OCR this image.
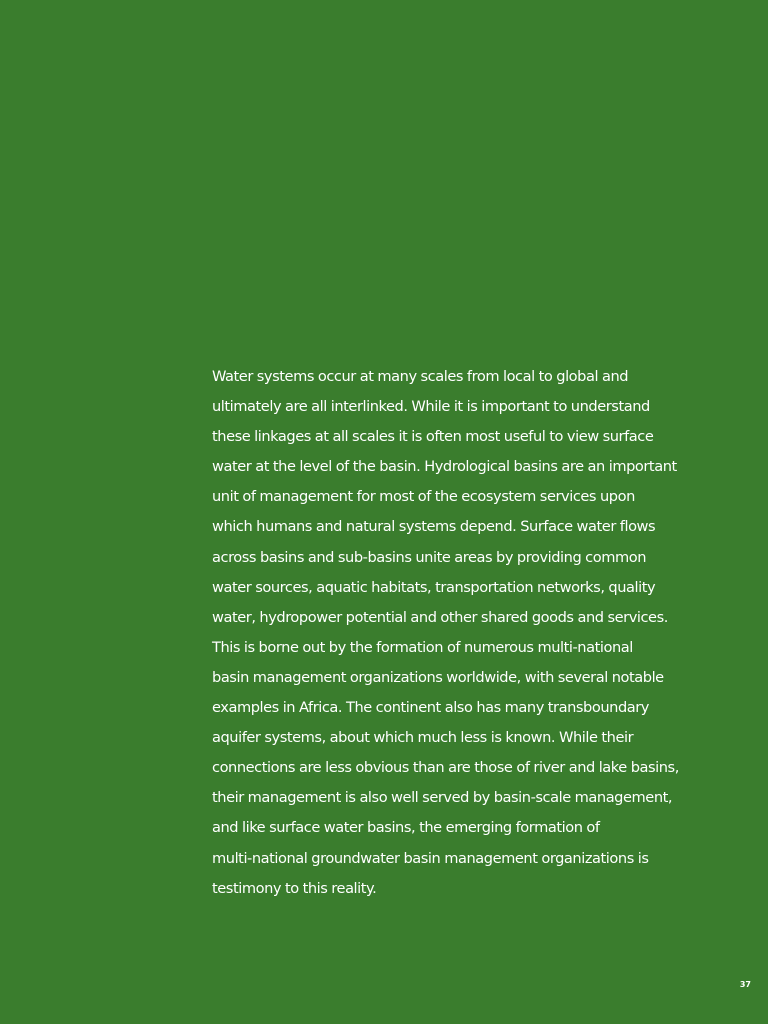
Water systems occur at many scales from local to global and
ultimately are all interlinked. While it is important to understand
these linkages at all scales it is often most useful to view surface
water at the level of the basin. Hydrological basins are an important
unit of management for most of the ecosystem services upon
which humans and natural systems depend. Surface water flows
across basins and sub-basins unite areas by providing common
water sources, aquatic habitats, transportation networks, quality
water, hydropower potential and other shared goods and services.
This is borne out by the formation of numerous multi-national
basin management organizations worldwide, with several notable
examples in Africa. The continent also has many transboundary
aquifer systems, about which much less is known. While their
connections are less obvious than are those of river and lake basins,
their management is also well served by basin-scale management,
and like surface water basins, the emerging formation of
multi-national groundwater basin management organizations is
testimony to this reality.

37
